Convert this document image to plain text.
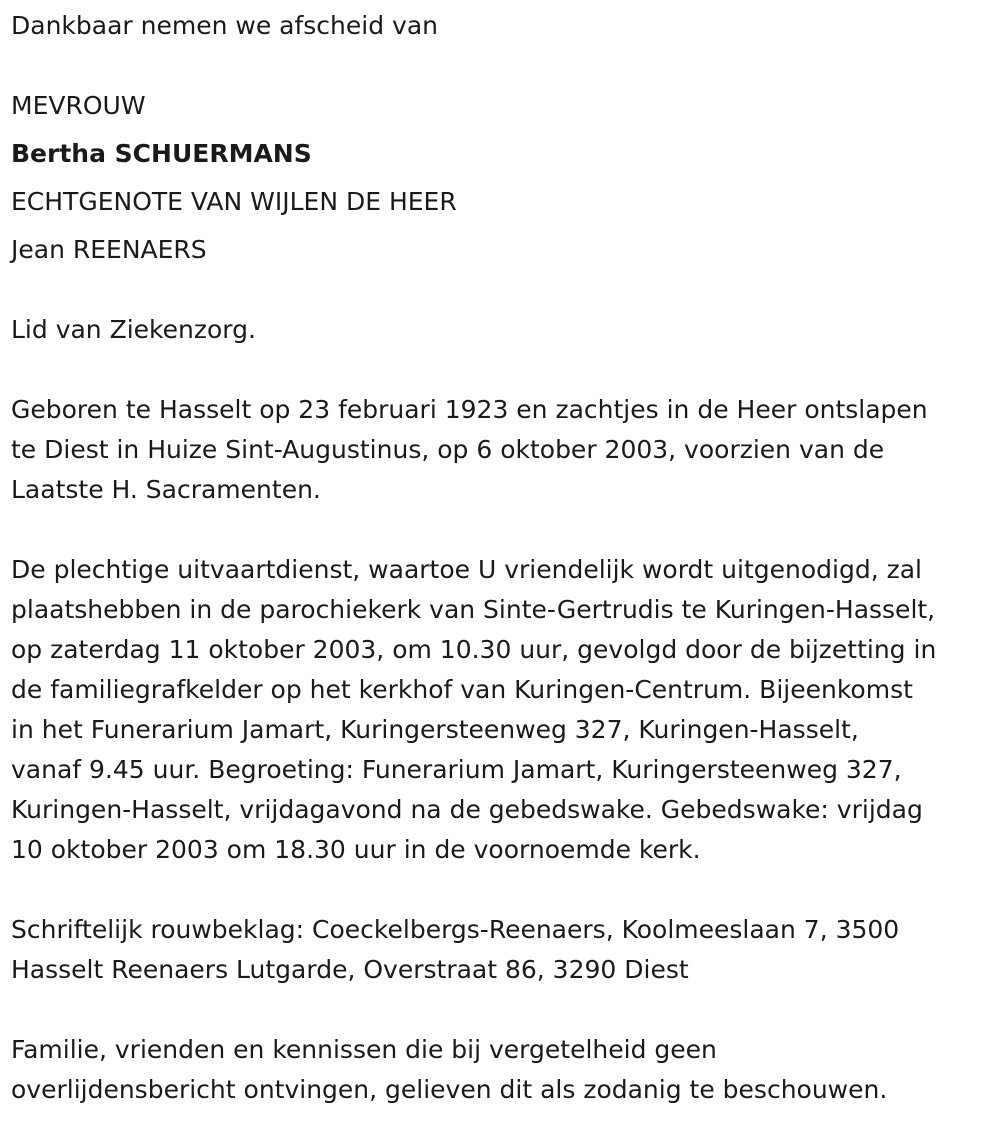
Dankbaar nemen we afscheid van
MEVROUW
Bertha SCHUERMANS
ECHTGENOTE VAN WIJLEN DE HEER
Jean REENAERS
Lid van Ziekenzorg.
Geboren te Hasselt op 23 februari 1923 en zachtjes in de Heer ontslapen
te Diest in Huize Sint-Augustinus, op 6 oktober 2003, voorzien van de
Laatste H. Sacramenten.
De plechtige uitvaartdienst, waartoe U vriendelijk wordt uitgenodigd, zal
plaatshebben in de parochiekerk van Sinte-Gertrudis te Kuringen-Hasselt,
op zaterdag 11 oktober 2003, om 10.30 uur, gevolgd door de bijzetting in
de familiegrafkelder op het kerkhof van Kuringen-Centrum. Bijeenkomst
in het Funerarium Jamart, Kuringersteenweg 327, Kuringen-Hasselt,
vanaf 9.45 uur. Begroeting: Funerarium Jamart, Kuringersteenweg 327,
Kuringen-Hasselt, vrijdagavond na de gebedswake. Gebedswake: vrijdag
10 oktober 2003 om 18.30 uur in de voornoemde kerk.
Schriftelijk rouwbeklag: Coeckelbergs-Reenaers, Koolmeeslaan 7, 3500
Hasselt Reenaers Lutgarde, Overstraat 86, 3290 Diest
Familie, vrienden en kennissen die bij vergetelheid geen
overlijdensbericht ontvingen, gelieven dit als zodanig te beschouwen.
